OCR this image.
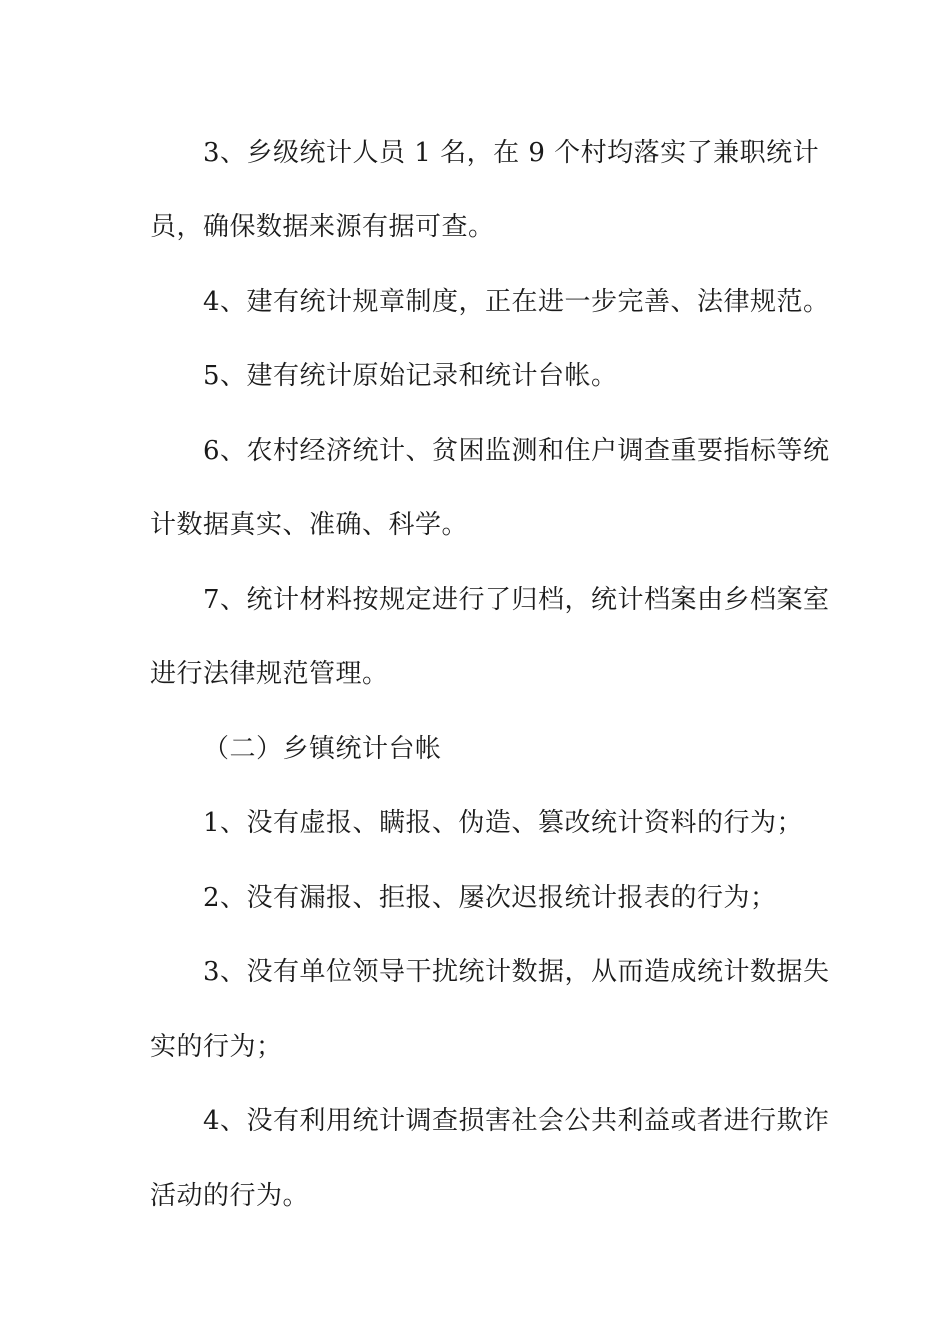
3、乡级统计人员 1 名，在 9 个村均落实了兼职统计
员，确保数据来源有据可查。
4、建有统计规章制度，正在进一步完善、法律规范。
5、建有统计原始记录和统计台帐。
6、农村经济统计、贫困监测和住户调查重要指标等统
计数据真实、准确、科学。
7、统计材料按规定进行了归档，统计档案由乡档案室
进行法律规范管理。
（二）乡镇统计台帐
1、没有虚报、瞒报、伪造、篡改统计资料的行为；
2、没有漏报、拒报、屡次迟报统计报表的行为；
3、没有单位领导干扰统计数据，从而造成统计数据失
实的行为；
4、没有利用统计调查损害社会公共利益或者进行欺诈
活动的行为。
